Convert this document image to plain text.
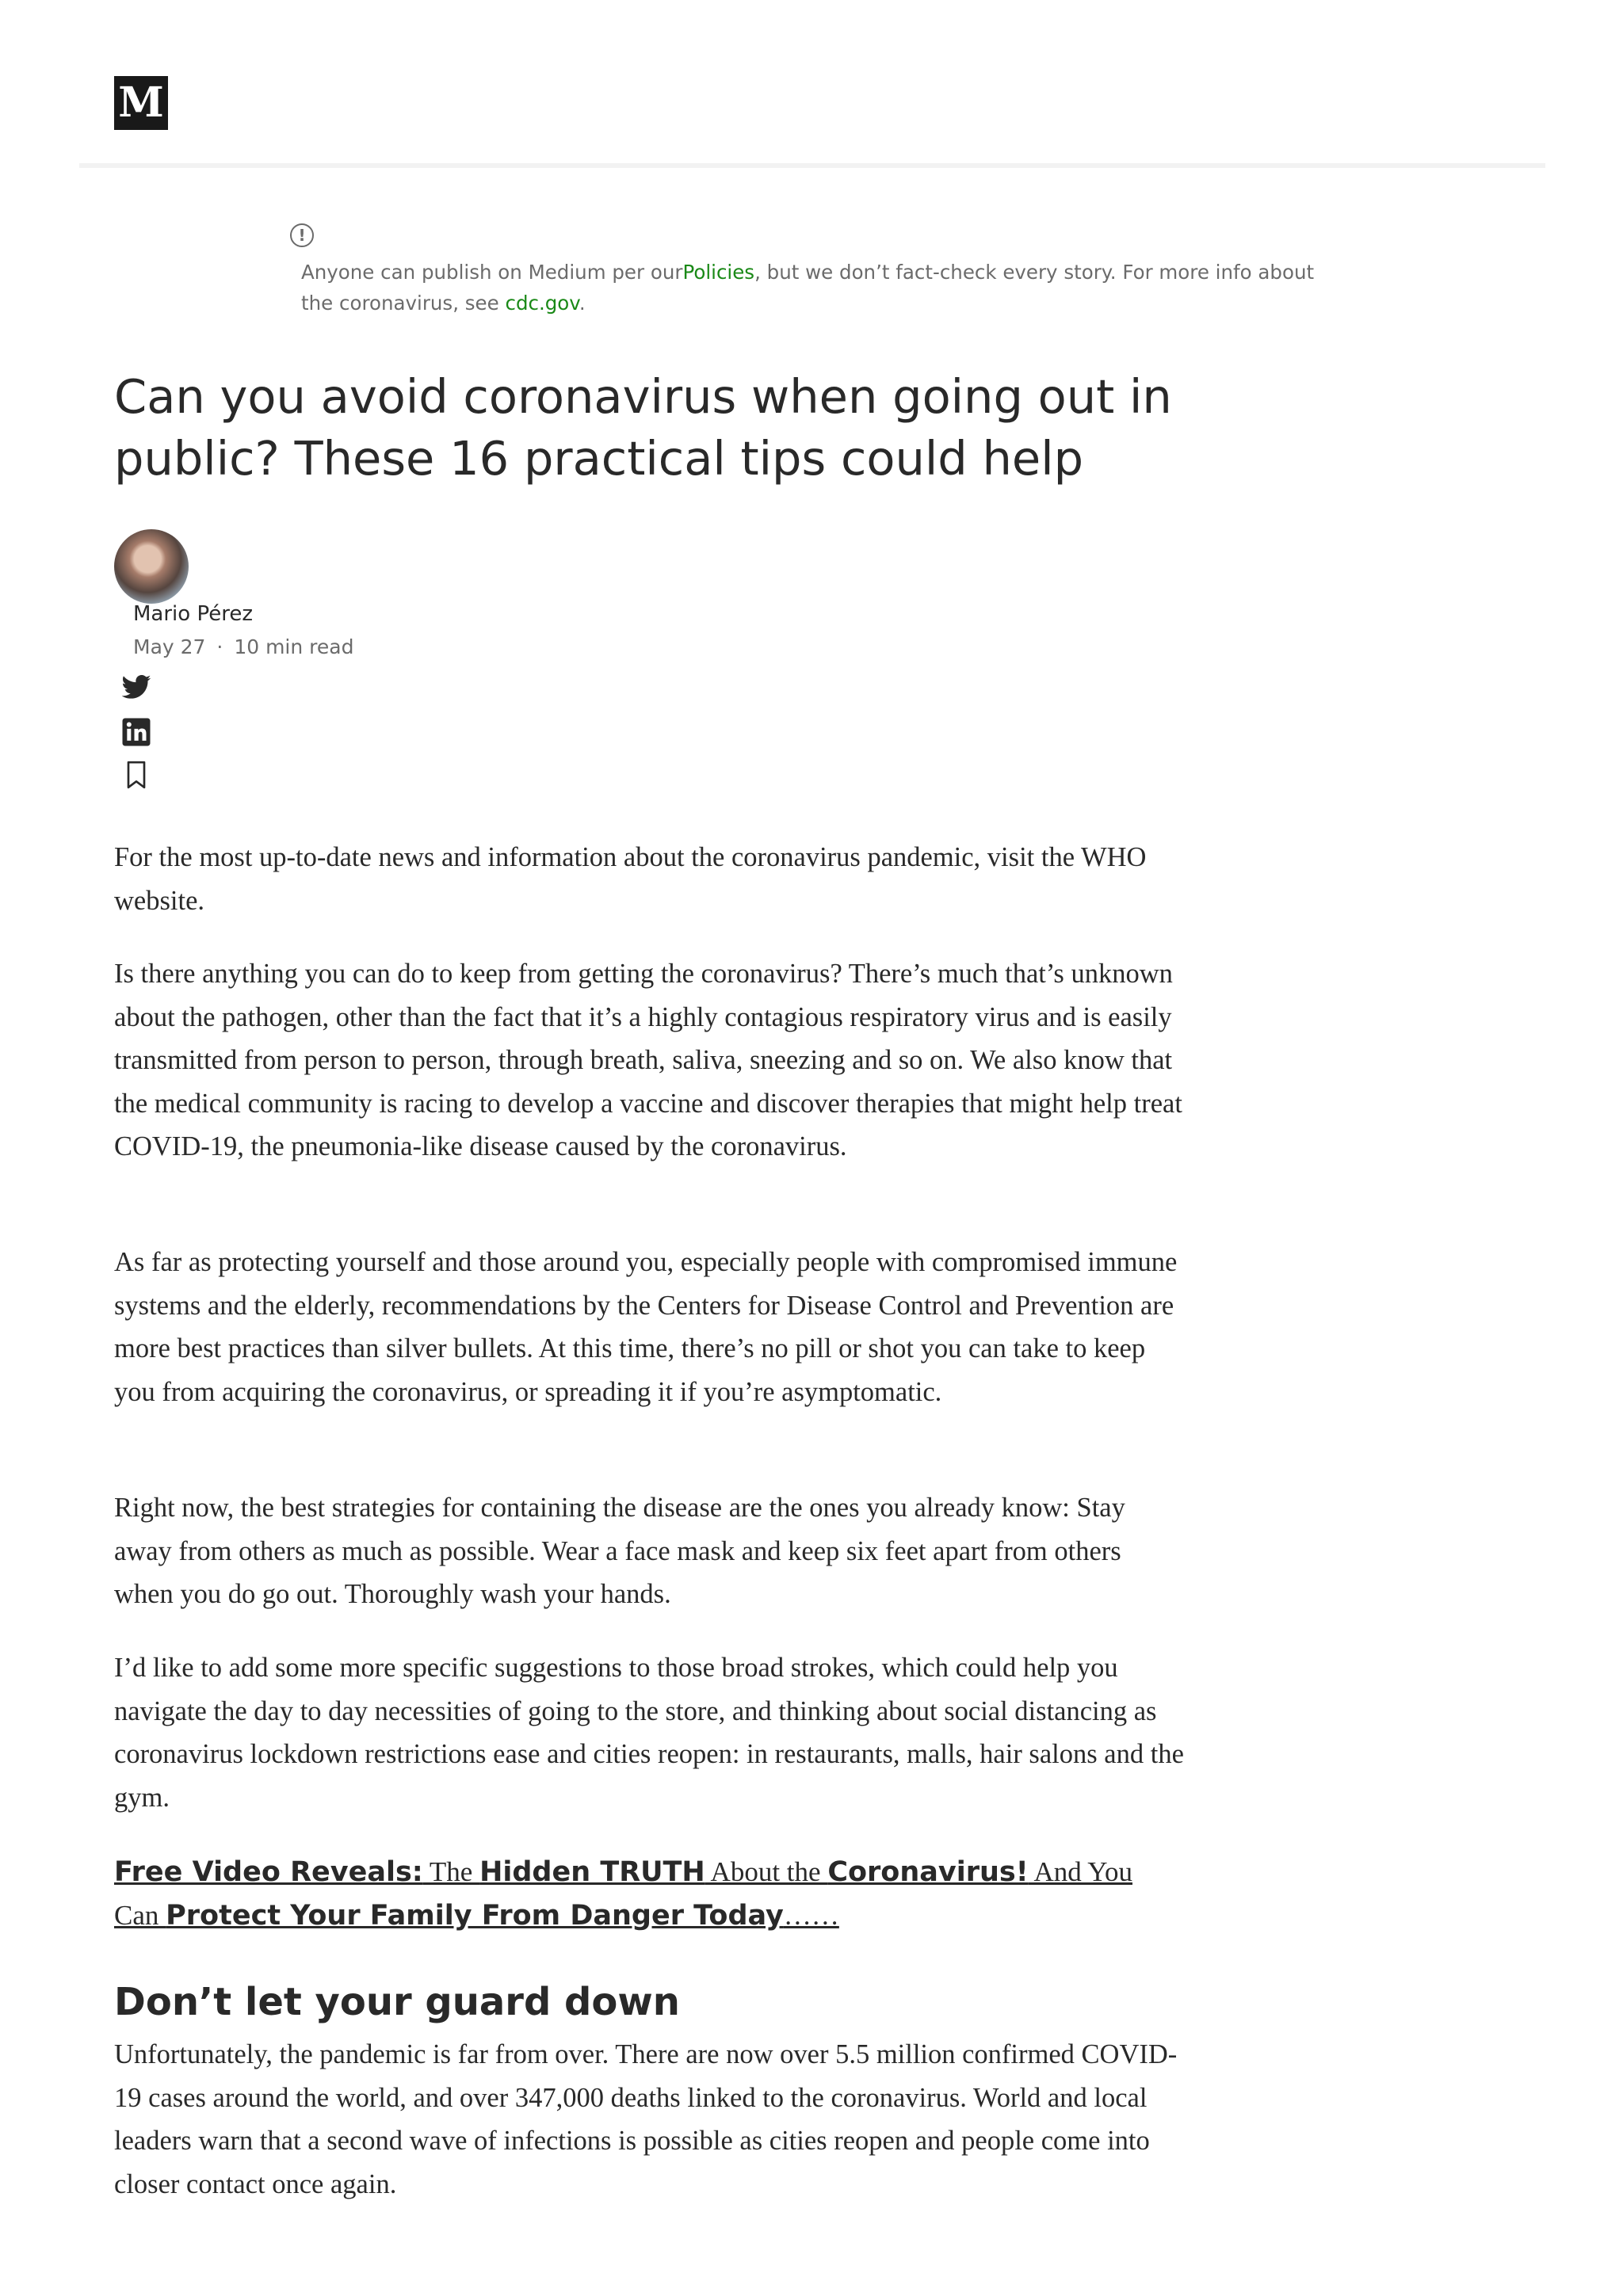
M
!
Anyone can publish on Medium per ourPolicies, but we don’t fact-check every story. For more info about the coronavirus, see cdc.gov.
Can you avoid coronavirus when going out in public? These 16 practical tips could help
Mario Pérez
May 27 · 10 min read

For the most up-to-date news and information about the coronavirus pandemic, visit the WHO website.

Is there anything you can do to keep from getting the coronavirus? There’s much that’s unknown about the pathogen, other than the fact that it’s a highly contagious respiratory virus and is easily transmitted from person to person, through breath, saliva, sneezing and so on. We also know that the medical community is racing to develop a vaccine and discover therapies that might help treat COVID-19, the pneumonia-like disease caused by the coronavirus.

As far as protecting yourself and those around you, especially people with compromised immune systems and the elderly, recommendations by the Centers for Disease Control and Prevention are more best practices than silver bullets. At this time, there’s no pill or shot you can take to keep you from acquiring the coronavirus, or spreading it if you’re asymptomatic.

Right now, the best strategies for containing the disease are the ones you already know: Stay away from others as much as possible. Wear a face mask and keep six feet apart from others when you do go out. Thoroughly wash your hands.

I’d like to add some more specific suggestions to those broad strokes, which could help you navigate the day to day necessities of going to the store, and thinking about social distancing as coronavirus lockdown restrictions ease and cities reopen: in restaurants, malls, hair salons and the gym.

Free Video Reveals: The Hidden TRUTH About the Coronavirus! And You Can Protect Your Family From Danger Today……

Don’t let your guard down

Unfortunately, the pandemic is far from over. There are now over 5.5 million confirmed COVID-19 cases around the world, and over 347,000 deaths linked to the coronavirus. World and local leaders warn that a second wave of infections is possible as cities reopen and people come into closer contact once again.
